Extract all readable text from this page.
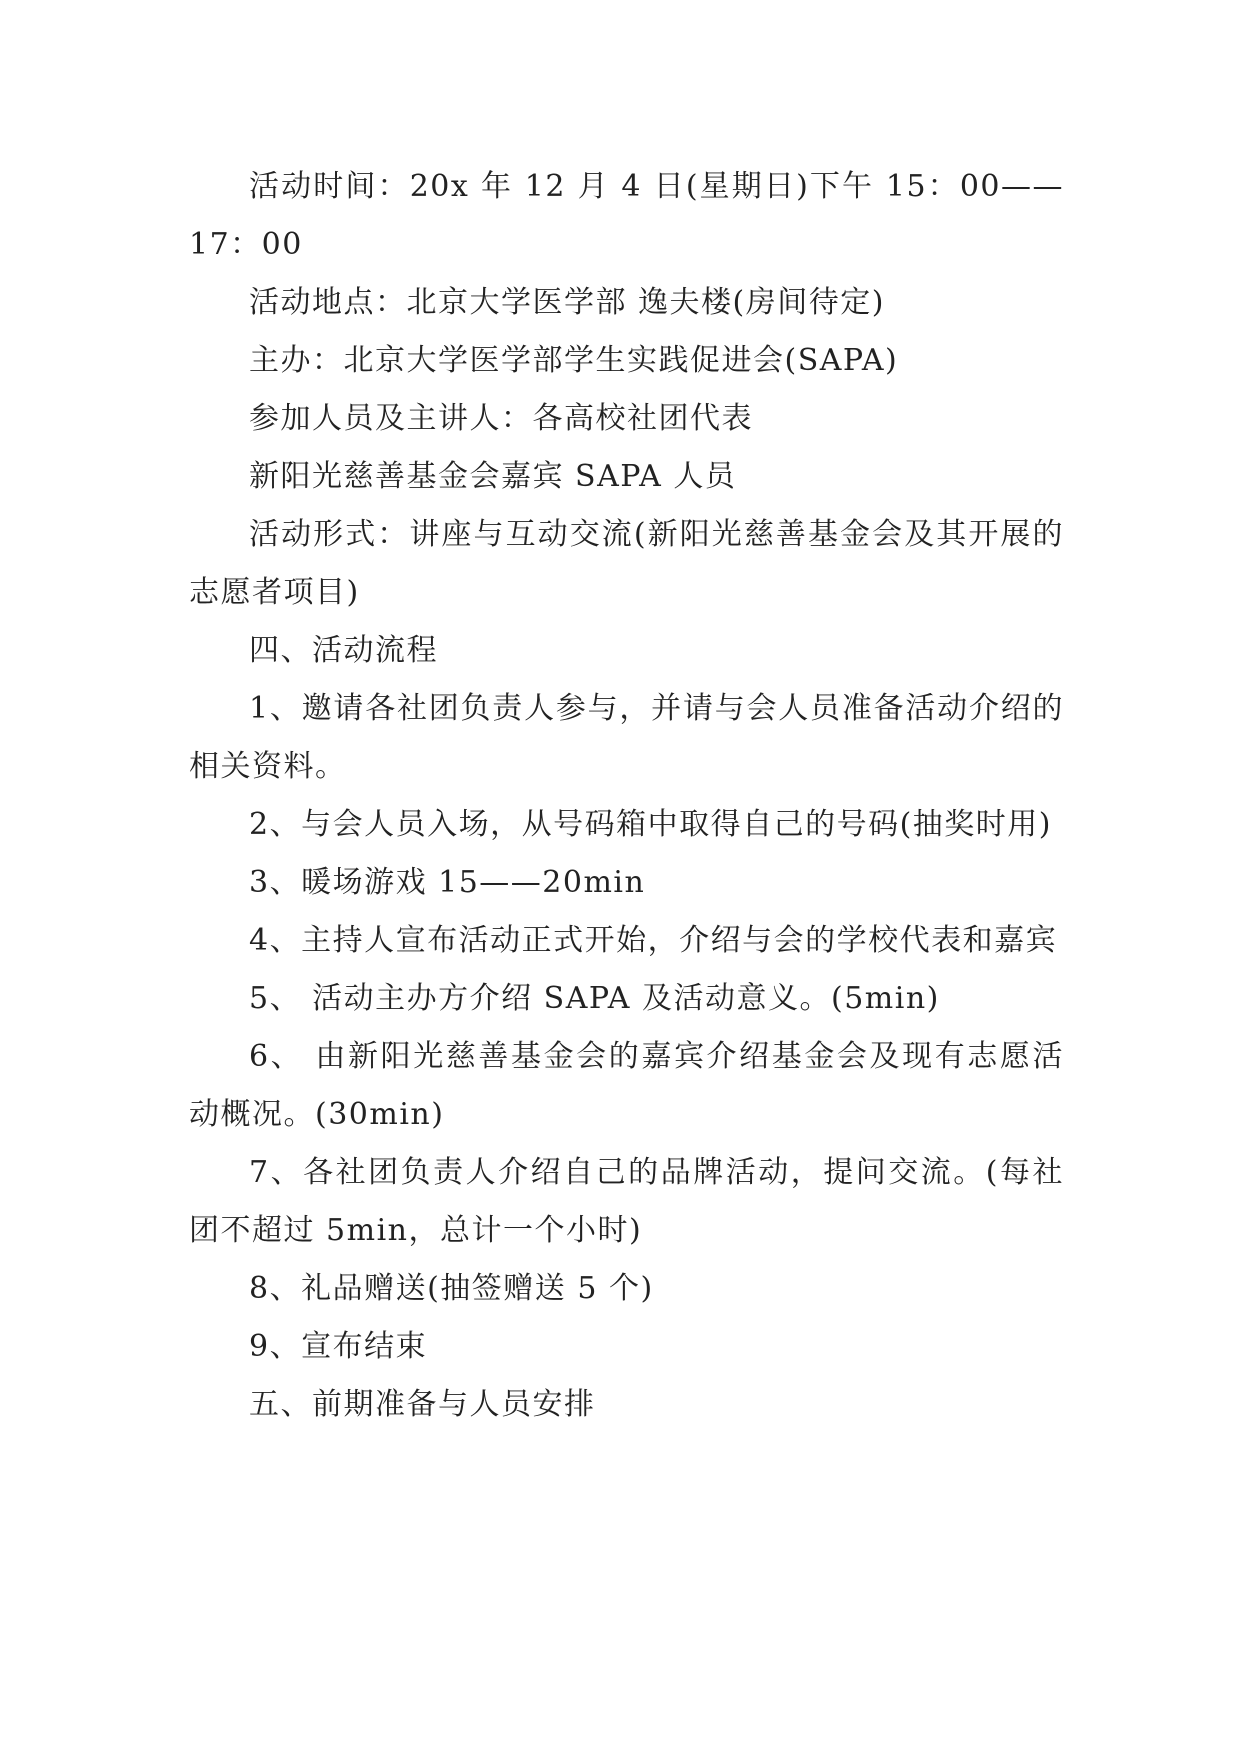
活动时间：20x 年 12 月 4 日(星期日)下午 15：00——17：00

活动地点：北京大学医学部 逸夫楼(房间待定)

主办：北京大学医学部学生实践促进会(SAPA)

参加人员及主讲人：各高校社团代表

新阳光慈善基金会嘉宾 SAPA 人员

活动形式：讲座与互动交流(新阳光慈善基金会及其开展的志愿者项目)

四、活动流程

1、邀请各社团负责人参与，并请与会人员准备活动介绍的相关资料。

2、与会人员入场，从号码箱中取得自己的号码(抽奖时用)

3、暖场游戏 15——20min

4、主持人宣布活动正式开始，介绍与会的学校代表和嘉宾

5、 活动主办方介绍 SAPA 及活动意义。(5min)

6、 由新阳光慈善基金会的嘉宾介绍基金会及现有志愿活动概况。(30min)

7、各社团负责人介绍自己的品牌活动，提问交流。(每社团不超过 5min，总计一个小时)

8、礼品赠送(抽签赠送 5 个)

9、宣布结束

五、前期准备与人员安排
